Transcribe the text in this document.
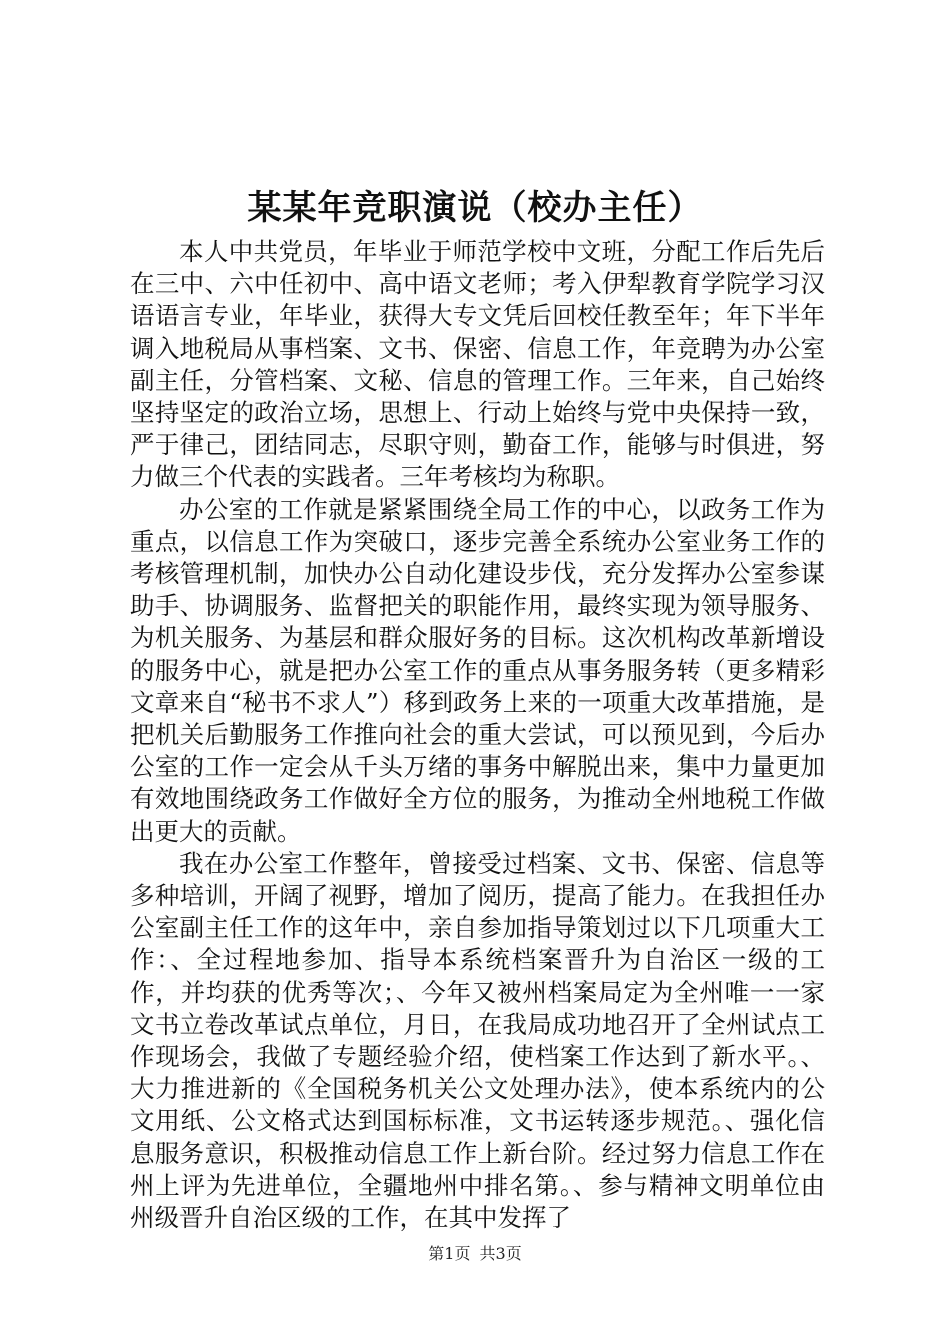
某某年竞职演说（校办主任）

本人中共党员，年毕业于师范学校中文班，分配工作后先后在三中、六中任初中、高中语文老师；考入伊犁教育学院学习汉语语言专业，年毕业，获得大专文凭后回校任教至年；年下半年调入地税局从事档案、文书、保密、信息工作，年竞聘为办公室副主任，分管档案、文秘、信息的管理工作。三年来，自己始终坚持坚定的政治立场，思想上、行动上始终与党中央保持一致，严于律己，团结同志，尽职守则，勤奋工作，能够与时俱进，努力做三个代表的实践者。三年考核均为称职。

办公室的工作就是紧紧围绕全局工作的中心，以政务工作为重点，以信息工作为突破口，逐步完善全系统办公室业务工作的考核管理机制，加快办公自动化建设步伐，充分发挥办公室参谋助手、协调服务、监督把关的职能作用，最终实现为领导服务、为机关服务、为基层和群众服好务的目标。这次机构改革新增设的服务中心，就是把办公室工作的重点从事务服务转（更多精彩文章来自“秘书不求人”）移到政务上来的一项重大改革措施，是把机关后勤服务工作推向社会的重大尝试，可以预见到，今后办公室的工作一定会从千头万绪的事务中解脱出来，集中力量更加有效地围绕政务工作做好全方位的服务，为推动全州地税工作做出更大的贡献。

我在办公室工作整年，曾接受过档案、文书、保密、信息等多种培训，开阔了视野，增加了阅历，提高了能力。在我担任办公室副主任工作的这年中，亲自参加指导策划过以下几项重大工作：、全过程地参加、指导本系统档案晋升为自治区一级的工作，并均获的优秀等次；、今年又被州档案局定为全州唯一一家文书立卷改革试点单位，月日，在我局成功地召开了全州试点工作现场会，我做了专题经验介绍，使档案工作达到了新水平。、大力推进新的《全国税务机关公文处理办法》，使本系统内的公文用纸、公文格式达到国标标准，文书运转逐步规范。、强化信息服务意识，积极推动信息工作上新台阶。经过努力信息工作在州上评为先进单位，全疆地州中排名第。、参与精神文明单位由州级晋升自治区级的工作，在其中发挥了

第1页 共3页
